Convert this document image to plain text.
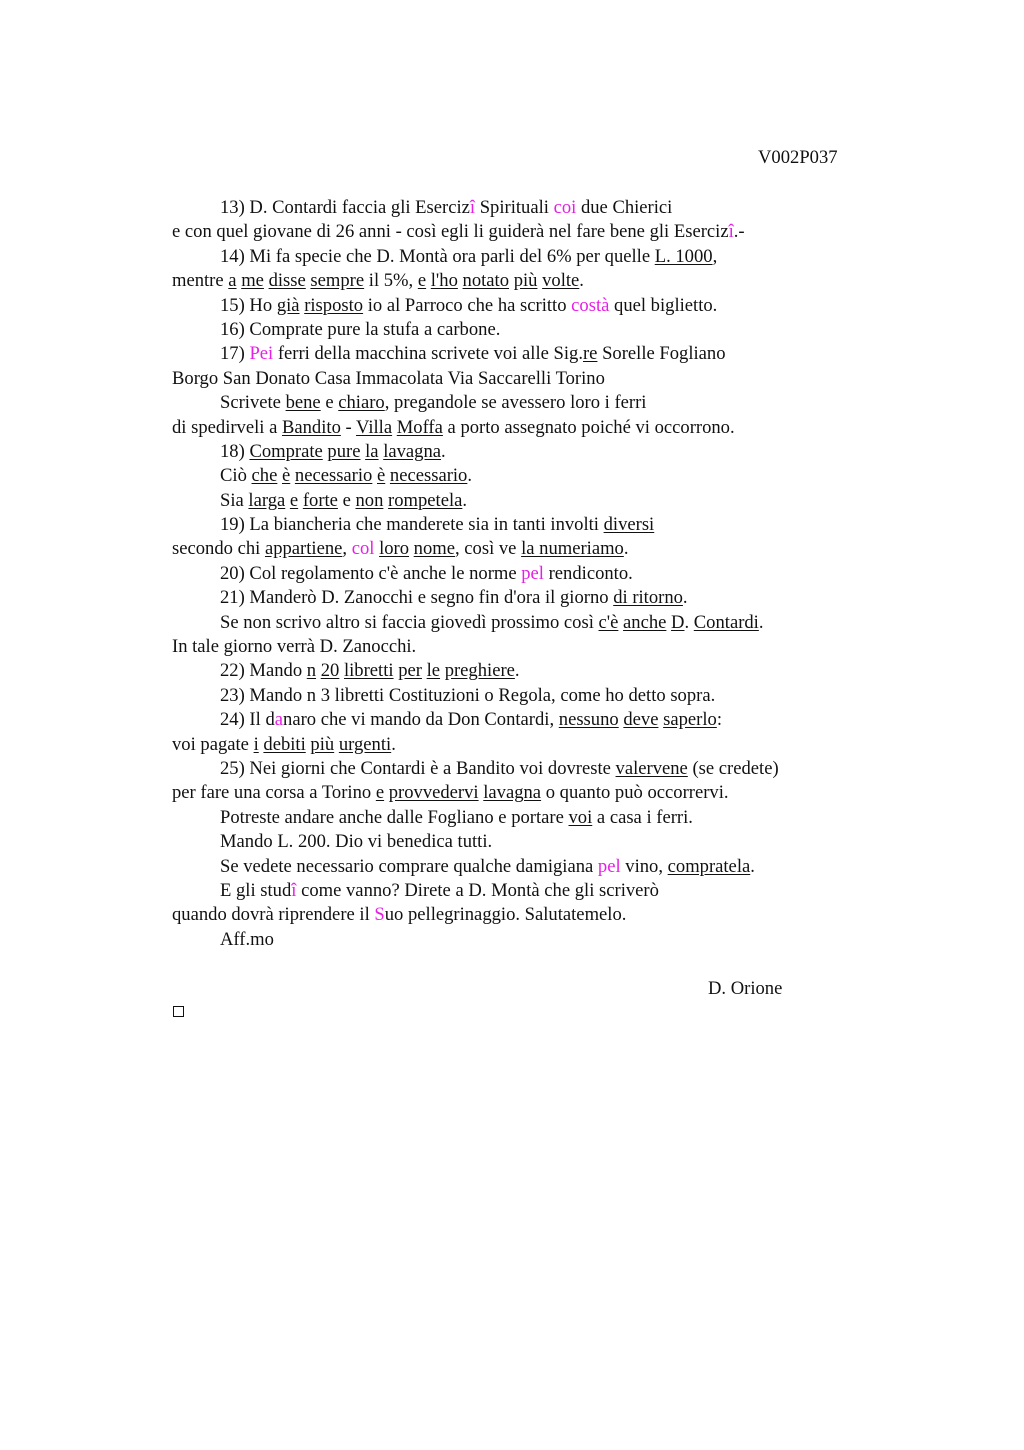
V002P037
13) D. Contardi faccia gli Esercizî Spirituali coi due Chierici
e con quel giovane di 26 anni - così egli li guiderà nel fare bene gli Esercizî.-
14) Mi fa specie che D. Montà ora parli del 6% per quelle L. 1000,
mentre a me disse sempre il 5%, e l'ho notato più volte.
15) Ho già risposto io al Parroco che ha scritto costà quel biglietto.
16) Comprate pure la stufa a carbone.
17) Pei ferri della macchina scrivete voi alle Sig.re Sorelle Fogliano
Borgo San Donato Casa Immacolata Via Saccarelli Torino
Scrivete bene e chiaro, pregandole se avessero loro i ferri
di spedirveli a Bandito - Villa Moffa a porto assegnato poiché vi occorrono.
18) Comprate pure la lavagna.
Ciò che è necessario è necessario.
Sia larga e forte e non rompetela.
19) La biancheria che manderete sia in tanti involti diversi
secondo chi appartiene, col loro nome, così ve la numeriamo.
20) Col regolamento c'è anche le norme pel rendiconto.
21) Manderò D. Zanocchi e segno fin d'ora il giorno di ritorno.
Se non scrivo altro si faccia giovedì prossimo così c'è anche D. Contardi.
In tale giorno verrà D. Zanocchi.
22) Mando n 20 libretti per le preghiere.
23) Mando n 3 libretti Costituzioni o Regola, come ho detto sopra.
24) Il danaro che vi mando da Don Contardi, nessuno deve saperlo:
voi pagate i debiti più urgenti.
25) Nei giorni che Contardi è a Bandito voi dovreste valervene (se credete)
per fare una corsa a Torino e provvedervi lavagna o quanto può occorrervi.
Potreste andare anche dalle Fogliano e portare voi a casa i ferri.
Mando L. 200. Dio vi benedica tutti.
Se vedete necessario comprare qualche damigiana pel vino, compratela.
E gli studî come vanno? Direte a D. Montà che gli scriverò
quando dovrà riprendere il Suo pellegrinaggio. Salutatemelo.
Aff.mo
D. Orione
